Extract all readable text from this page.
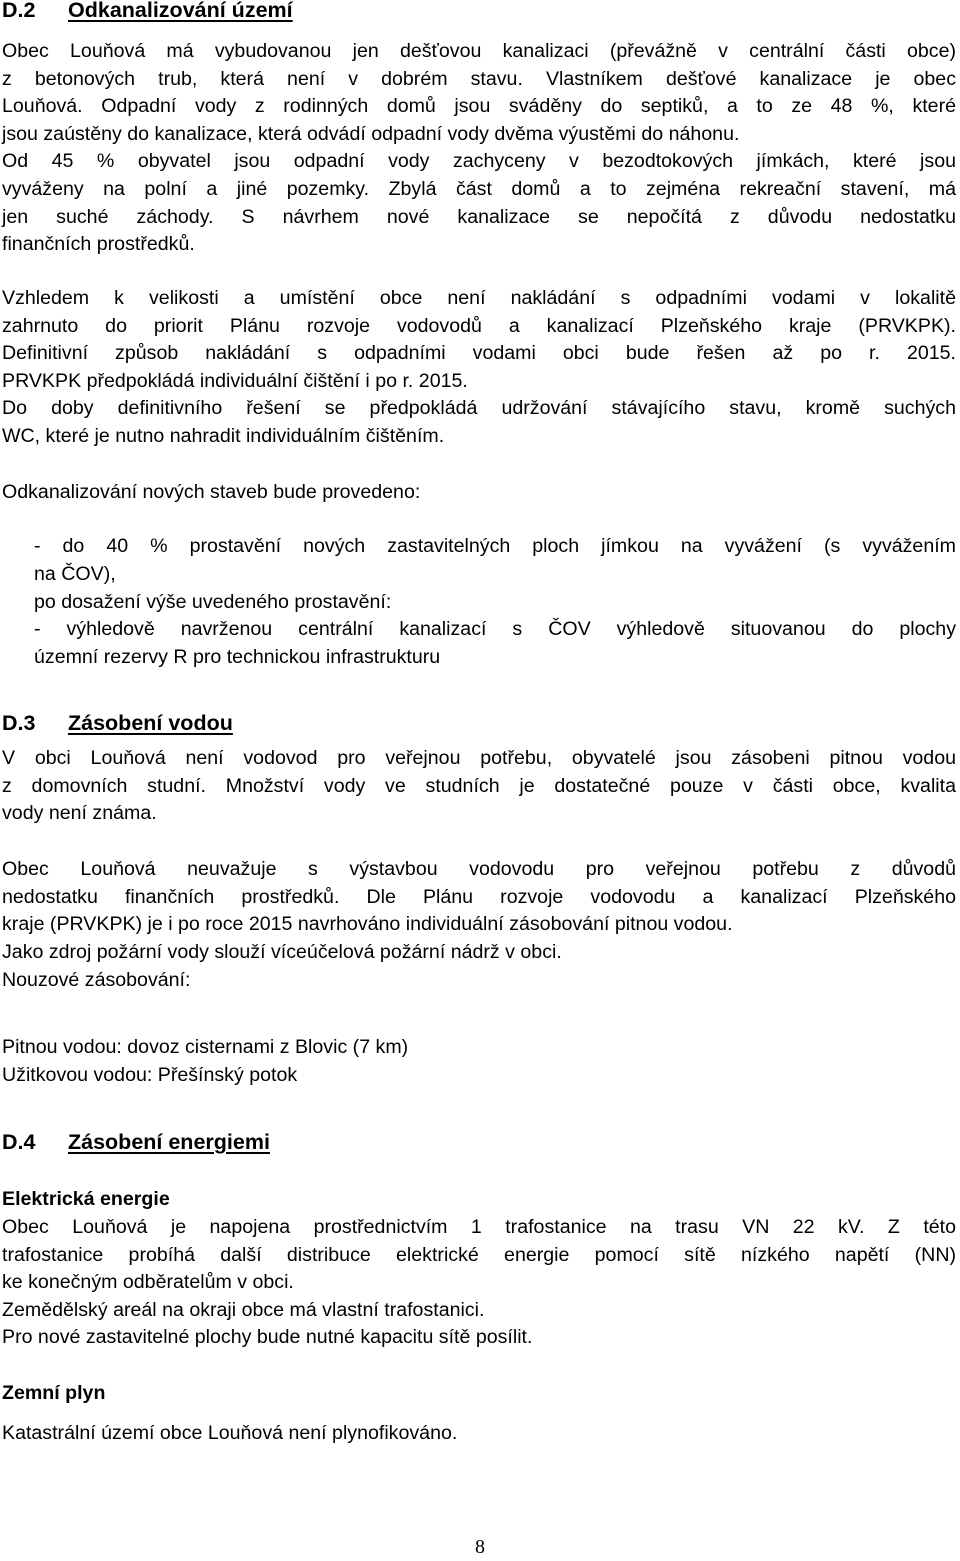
D.2 Odkanalizování území
Obec Louňová má vybudovanou jen dešťovou kanalizaci (převážně v centrální části obce)
z betonových trub, která není v dobrém stavu. Vlastníkem dešťové kanalizace je obec
Louňová. Odpadní vody z rodinných domů jsou sváděny do septiků, a to ze 48 %, které
jsou zaústěny do kanalizace, která odvádí odpadní vody dvěma výustěmi do náhonu.
Od 45 % obyvatel jsou odpadní vody zachyceny v bezodtokových jímkách, které jsou
vyváženy na polní a jiné pozemky. Zbylá část domů a to zejména rekreační stavení, má
jen suché záchody. S návrhem nové kanalizace se nepočítá z důvodu nedostatku
finančních prostředků.
Vzhledem k velikosti a umístění obce není nakládání s odpadními vodami v lokalitě
zahrnuto do priorit Plánu rozvoje vodovodů a kanalizací Plzeňského kraje (PRVKPK).
Definitivní způsob nakládání s odpadními vodami obci bude řešen až po r. 2015.
PRVKPK předpokládá individuální čištění i po r. 2015.
Do doby definitivního řešení se předpokládá udržování stávajícího stavu, kromě suchých
WC, které je nutno nahradit individuálním čištěním.

Odkanalizování nových staveb bude provedeno:

- do 40 % prostavění nových zastavitelných ploch jímkou na vyvážení (s vyvážením
na ČOV),

po dosažení výše uvedeného prostavění:

- výhledově navrženou centrální kanalizací s ČOV výhledově situovanou do plochy
územní rezervy R pro technickou infrastrukturu
D.3 Zásobení vodou
V obci Louňová není vodovod pro veřejnou potřebu, obyvatelé jsou zásobeni pitnou vodou
z domovních studní. Množství vody ve studních je dostatečné pouze v části obce, kvalita
vody není známa.
Obec Louňová neuvažuje s výstavbou vodovodu pro veřejnou potřebu z důvodů
nedostatku finančních prostředků. Dle Plánu rozvoje vodovodu a kanalizací Plzeňského
kraje (PRVKPK) je i po roce 2015 navrhováno individuální zásobování pitnou vodou.
Jako zdroj požární vody slouží víceúčelová požární nádrž v obci.

Nouzové zásobování:

Pitnou vodou: dovoz cisternami z Blovic (7 km)
Užitkovou vodou: Přešínský potok
D.4 Zásobení energiemi

Elektrická energie

Obec Louňová je napojena prostřednictvím 1 trafostanice na trasu VN 22 kV. Z této
trafostanice probíhá další distribuce elektrické energie pomocí sítě nízkého napětí (NN)
ke konečným odběratelům v obci.
Zemědělský areál na okraji obce má vlastní trafostanici.
Pro nové zastavitelné plochy bude nutné kapacitu sítě posílit.

Zemní plyn

Katastrální území obce Louňová není plynofikováno.

8
